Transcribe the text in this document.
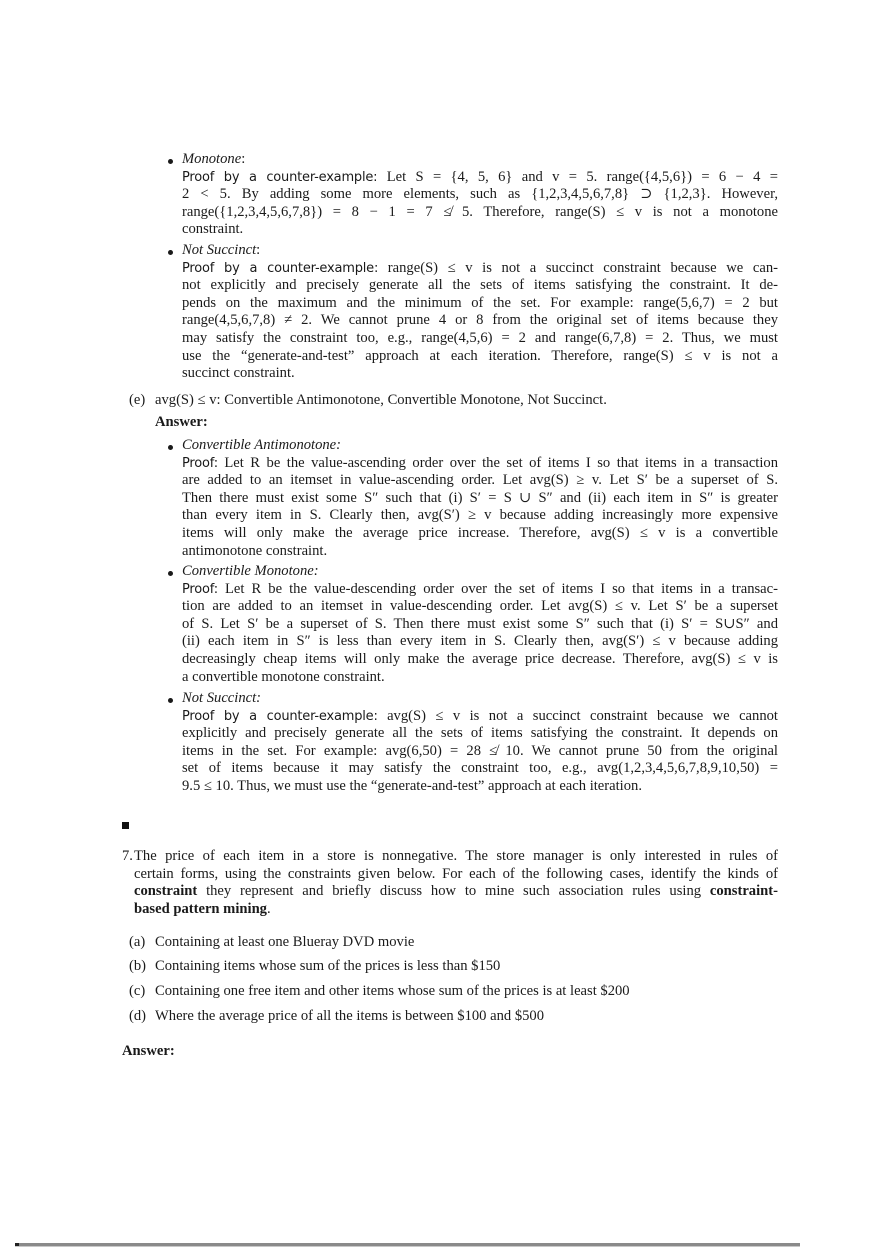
Monotone:
Proof by a counter-example: Let S = {4, 5, 6} and v = 5. range({4,5,6}) = 6 − 4 =
2 < 5. By adding some more elements, such as {1,2,3,4,5,6,7,8} ⊃ {1,2,3}. However,
range({1,2,3,4,5,6,7,8}) = 8 − 1 = 7 ≰ 5. Therefore, range(S) ≤ v is not a monotone
constraint.
Not Succinct:
Proof by a counter-example: range(S) ≤ v is not a succinct constraint because we can-
not explicitly and precisely generate all the sets of items satisfying the constraint. It de-
pends on the maximum and the minimum of the set. For example: range(5,6,7) = 2 but
range(4,5,6,7,8) ≠ 2. We cannot prune 4 or 8 from the original set of items because they
may satisfy the constraint too, e.g., range(4,5,6) = 2 and range(6,7,8) = 2. Thus, we must
use the “generate-and-test” approach at each iteration. Therefore, range(S) ≤ v is not a
succinct constraint.
(e) avg(S) ≤ v: Convertible Antimonotone, Convertible Monotone, Not Succinct.
Answer:
Convertible Antimonotone:
Proof: Let R be the value-ascending order over the set of items I so that items in a transaction
are added to an itemset in value-ascending order. Let avg(S) ≥ v. Let S′ be a superset of S.
Then there must exist some S″ such that (i) S′ = S ∪ S″ and (ii) each item in S″ is greater
than every item in S. Clearly then, avg(S′) ≥ v because adding increasingly more expensive
items will only make the average price increase. Therefore, avg(S) ≤ v is a convertible
antimonotone constraint.
Convertible Monotone:
Proof: Let R be the value-descending order over the set of items I so that items in a transac-
tion are added to an itemset in value-descending order. Let avg(S) ≤ v. Let S′ be a superset
of S. Let S′ be a superset of S. Then there must exist some S″ such that (i) S′ = S∪S″ and
(ii) each item in S″ is less than every item in S. Clearly then, avg(S′) ≤ v because adding
decreasingly cheap items will only make the average price decrease. Therefore, avg(S) ≤ v is
a convertible monotone constraint.
Not Succinct:
Proof by a counter-example: avg(S) ≤ v is not a succinct constraint because we cannot
explicitly and precisely generate all the sets of items satisfying the constraint. It depends on
items in the set. For example: avg(6,50) = 28 ≰ 10. We cannot prune 50 from the original
set of items because it may satisfy the constraint too, e.g., avg(1,2,3,4,5,6,7,8,9,10,50) =
9.5 ≤ 10. Thus, we must use the “generate-and-test” approach at each iteration.
7. The price of each item in a store is nonnegative. The store manager is only interested in rules of
certain forms, using the constraints given below. For each of the following cases, identify the kinds of
constraint they represent and briefly discuss how to mine such association rules using constraint-
based pattern mining.
(a) Containing at least one Blueray DVD movie
(b) Containing items whose sum of the prices is less than $150
(c) Containing one free item and other items whose sum of the prices is at least $200
(d) Where the average price of all the items is between $100 and $500
Answer:
